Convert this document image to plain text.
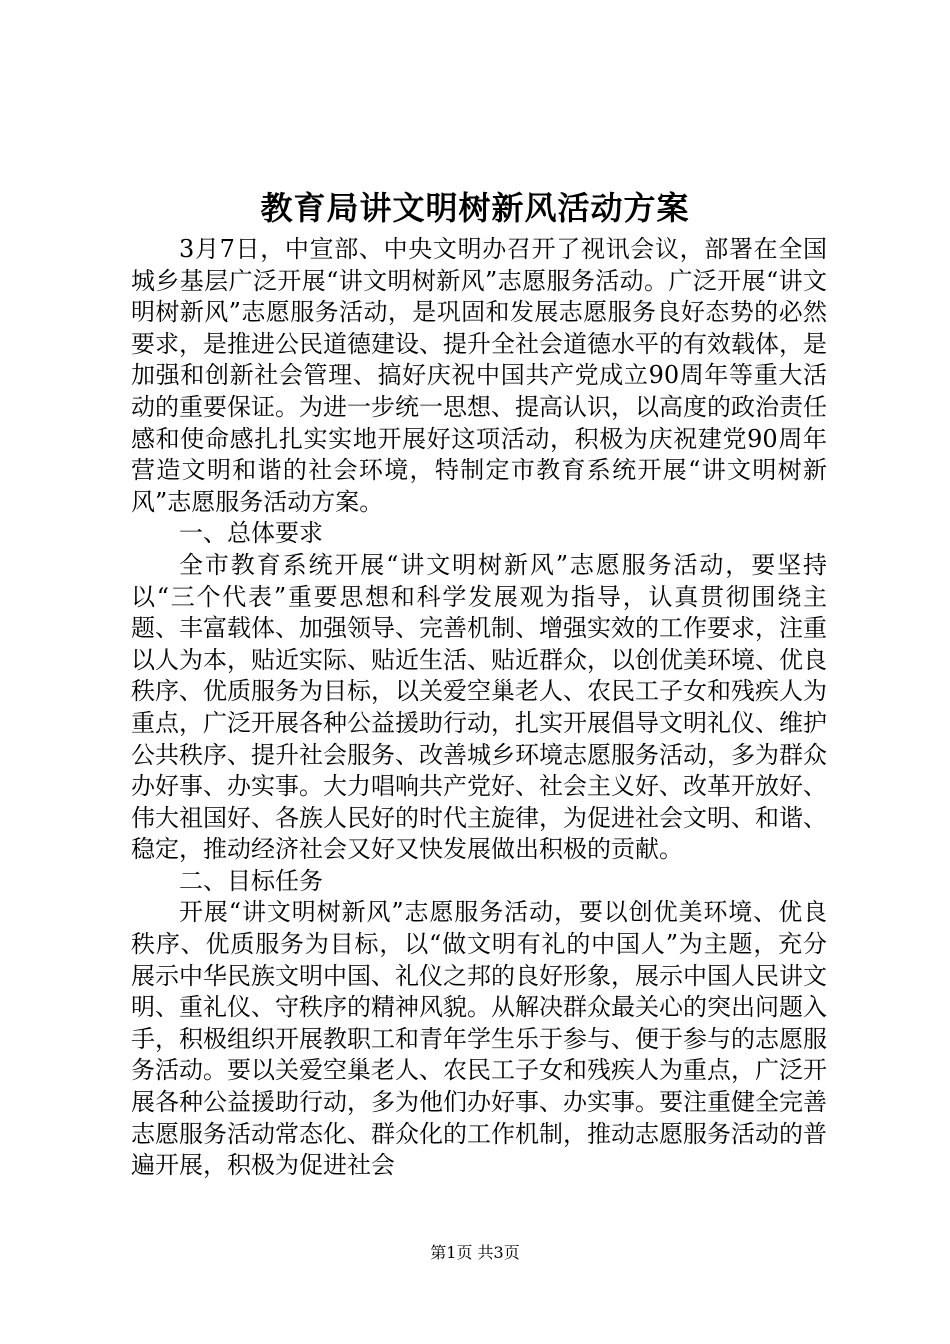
教育局讲文明树新风活动方案

3月7日，中宣部、中央文明办召开了视讯会议，部署在全国城乡基层广泛开展“讲文明树新风”志愿服务活动。广泛开展“讲文明树新风”志愿服务活动，是巩固和发展志愿服务良好态势的必然要求，是推进公民道德建设、提升全社会道德水平的有效载体，是加强和创新社会管理、搞好庆祝中国共产党成立90周年等重大活动的重要保证。为进一步统一思想、提高认识，以高度的政治责任感和使命感扎扎实实地开展好这项活动，积极为庆祝建党90周年营造文明和谐的社会环境，特制定市教育系统开展“讲文明树新风”志愿服务活动方案。

一、总体要求

全市教育系统开展“讲文明树新风”志愿服务活动，要坚持以“三个代表”重要思想和科学发展观为指导，认真贯彻围绕主题、丰富载体、加强领导、完善机制、增强实效的工作要求，注重以人为本，贴近实际、贴近生活、贴近群众，以创优美环境、优良秩序、优质服务为目标，以关爱空巢老人、农民工子女和残疾人为重点，广泛开展各种公益援助行动，扎实开展倡导文明礼仪、维护公共秩序、提升社会服务、改善城乡环境志愿服务活动，多为群众办好事、办实事。大力唱响共产党好、社会主义好、改革开放好、伟大祖国好、各族人民好的时代主旋律，为促进社会文明、和谐、稳定，推动经济社会又好又快发展做出积极的贡献。

二、目标任务

开展“讲文明树新风”志愿服务活动，要以创优美环境、优良秩序、优质服务为目标，以“做文明有礼的中国人”为主题，充分展示中华民族文明中国、礼仪之邦的良好形象，展示中国人民讲文明、重礼仪、守秩序的精神风貌。从解决群众最关心的突出问题入手，积极组织开展教职工和青年学生乐于参与、便于参与的志愿服务活动。要以关爱空巢老人、农民工子女和残疾人为重点，广泛开展各种公益援助行动，多为他们办好事、办实事。要注重健全完善志愿服务活动常态化、群众化的工作机制，推动志愿服务活动的普遍开展，积极为促进社会

第1页 共3页
